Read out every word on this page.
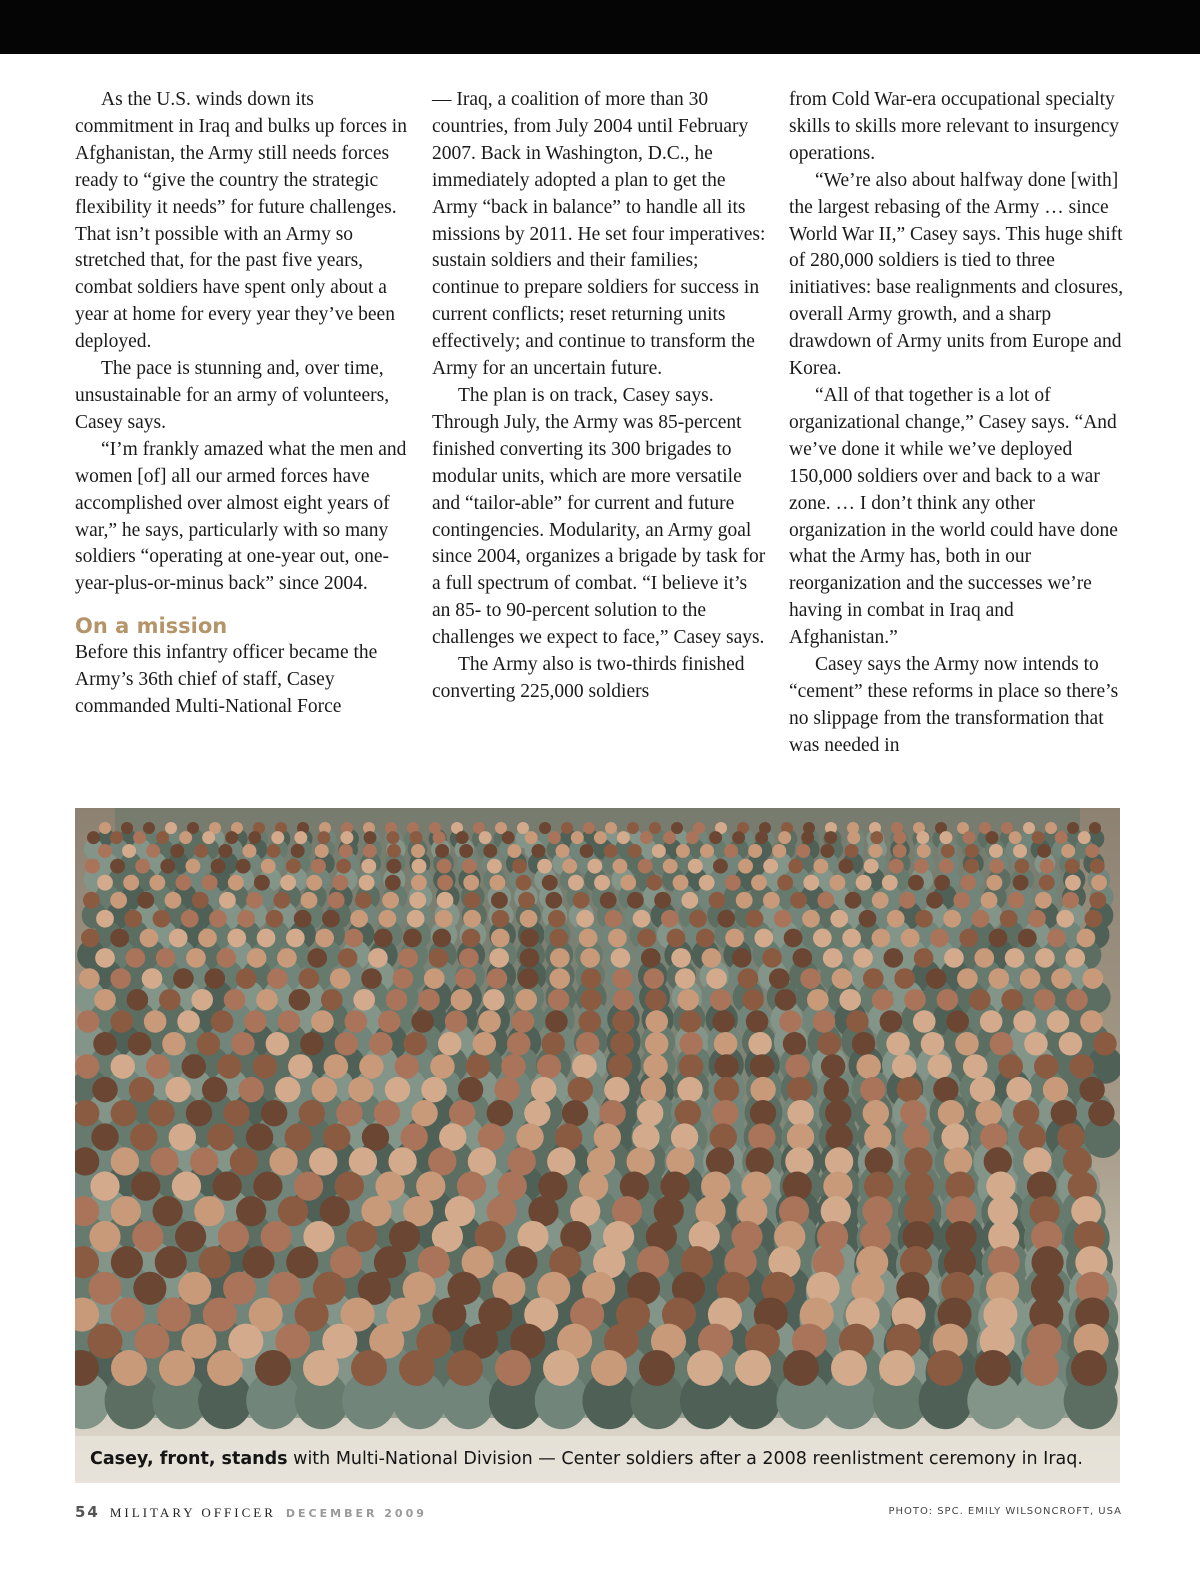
As the U.S. winds down its commitment in Iraq and bulks up forces in Afghanistan, the Army still needs forces ready to “give the country the strategic flexibility it needs” for future challenges. That isn’t possible with an Army so stretched that, for the past five years, combat soldiers have spent only about a year at home for every year they’ve been deployed.

The pace is stunning and, over time, unsustainable for an army of volunteers, Casey says.

“I’m frankly amazed what the men and women [of] all our armed forces have accomplished over almost eight years of war,” he says, particularly with so many soldiers “operating at one-year out, one-year-plus-or-minus back” since 2004.

On a mission

Before this infantry officer became the Army’s 36th chief of staff, Casey commanded Multi-National Force

— Iraq, a coalition of more than 30 countries, from July 2004 until February 2007. Back in Washington, D.C., he immediately adopted a plan to get the Army “back in balance” to handle all its missions by 2011. He set four imperatives: sustain soldiers and their families; continue to prepare soldiers for success in current conflicts; reset returning units effectively; and continue to transform the Army for an uncertain future.

The plan is on track, Casey says. Through July, the Army was 85-percent finished converting its 300 brigades to modular units, which are more versatile and “tailor-able” for current and future contingencies. Modularity, an Army goal since 2004, organizes a brigade by task for a full spectrum of combat. “I believe it’s an 85- to 90-percent solution to the challenges we expect to face,” Casey says.

The Army also is two-thirds finished converting 225,000 soldiers

from Cold War-era occupational specialty skills to skills more relevant to insurgency operations.

“We’re also about halfway done [with] the largest rebasing of the Army … since World War II,” Casey says. This huge shift of 280,000 soldiers is tied to three initiatives: base realignments and closures, overall Army growth, and a sharp drawdown of Army units from Europe and Korea.

“All of that together is a lot of organizational change,” Casey says. “And we’ve done it while we’ve deployed 150,000 soldiers over and back to a war zone. … I don’t think any other organization in the world could have done what the Army has, both in our reorganization and the successes we’re having in combat in Iraq and Afghanistan.”

Casey says the Army now intends to “cement” these reforms in place so there’s no slippage from the transformation that was needed in

Casey, front, stands with Multi-National Division — Center soldiers after a 2008 reenlistment ceremony in Iraq.
54 MILITARY OFFICER DECEMBER 2009	PHOTO: SPC. EMILY WILSONCROFT, USA
